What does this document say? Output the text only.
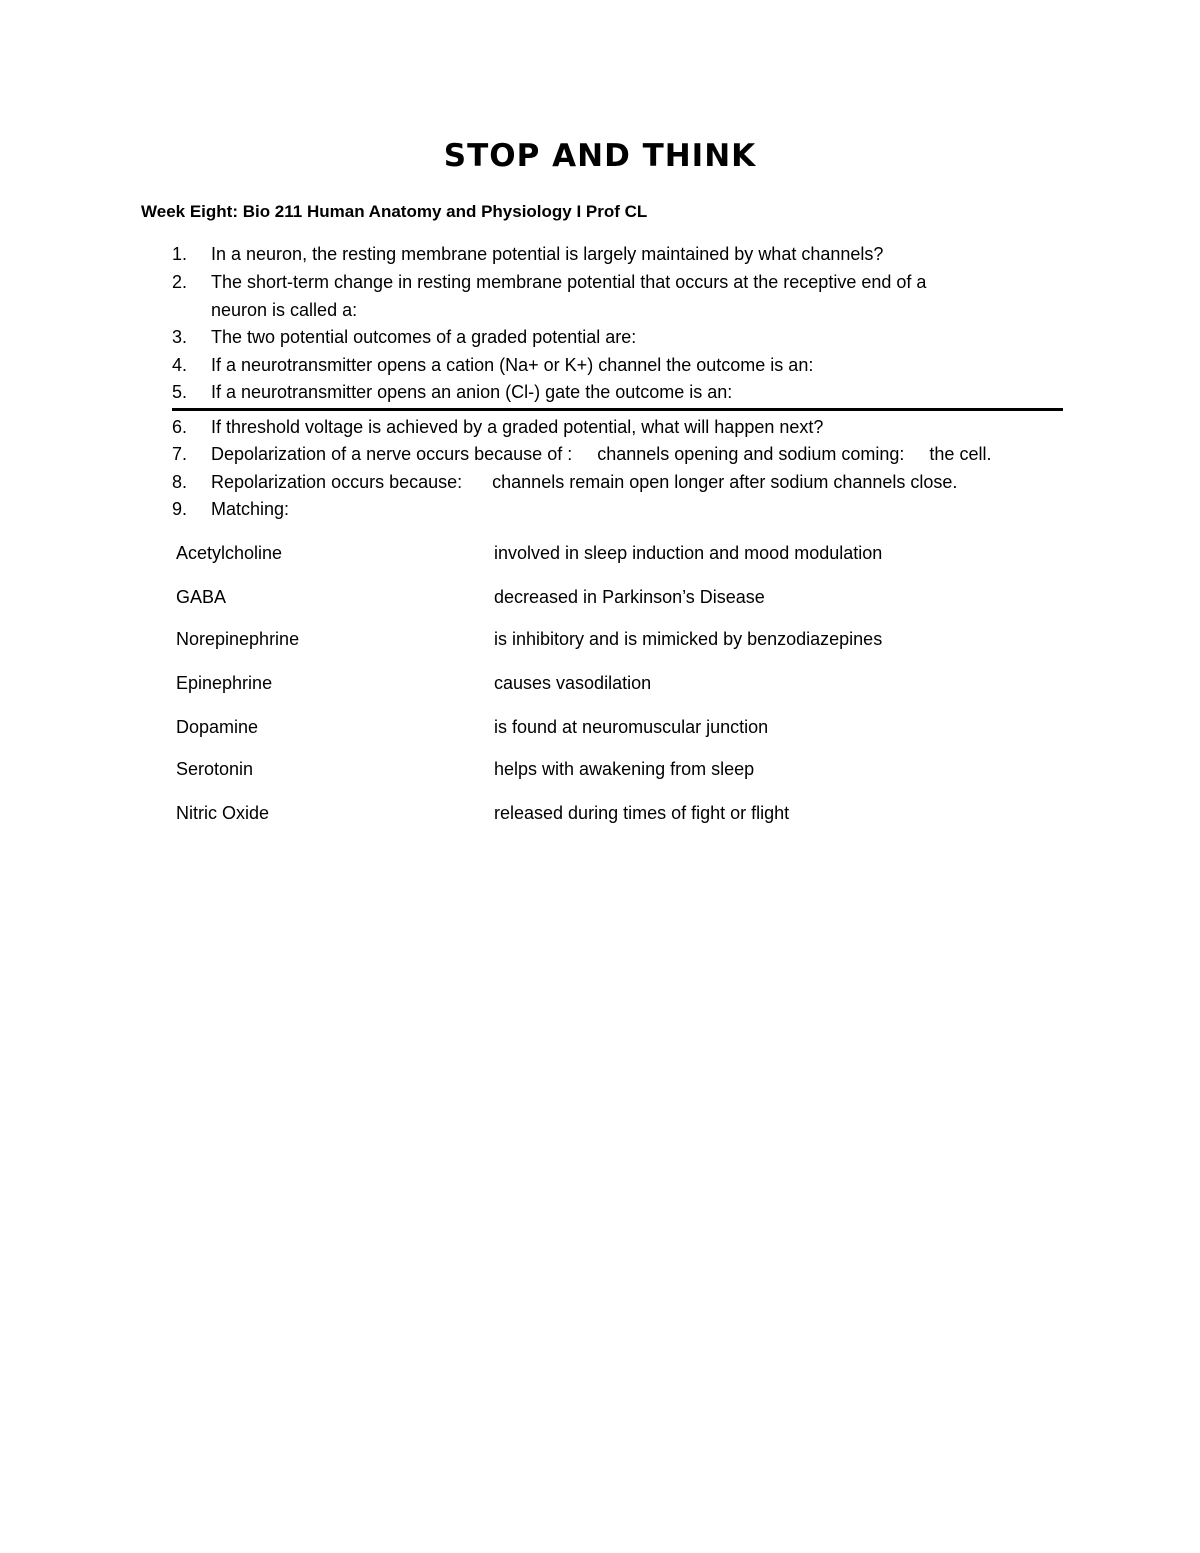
STOP AND THINK

Week Eight: Bio 211 Human Anatomy and Physiology I Prof CL

1. In a neuron, the resting membrane potential is largely maintained by what channels?
2. The short-term change in resting membrane potential that occurs at the receptive end of a
neuron is called a:
3. The two potential outcomes of a graded potential are:
4. If a neurotransmitter opens a cation (Na+ or K+) channel the outcome is an:
5. If a neurotransmitter opens an anion (Cl-) gate the outcome is an:
6. If threshold voltage is achieved by a graded potential, what will happen next?
7. Depolarization of a nerve occurs because of :     channels opening and sodium coming:     the cell.
8. Repolarization occurs because:      channels remain open longer after sodium channels close.
9. Matching:
Acetylcholine	involved in sleep induction and mood modulation
GABA	decreased in Parkinson’s Disease
Norepinephrine	is inhibitory and is mimicked by benzodiazepines
Epinephrine	causes vasodilation
Dopamine	is found at neuromuscular junction
Serotonin	helps with awakening from sleep
Nitric Oxide	released during times of fight or flight
